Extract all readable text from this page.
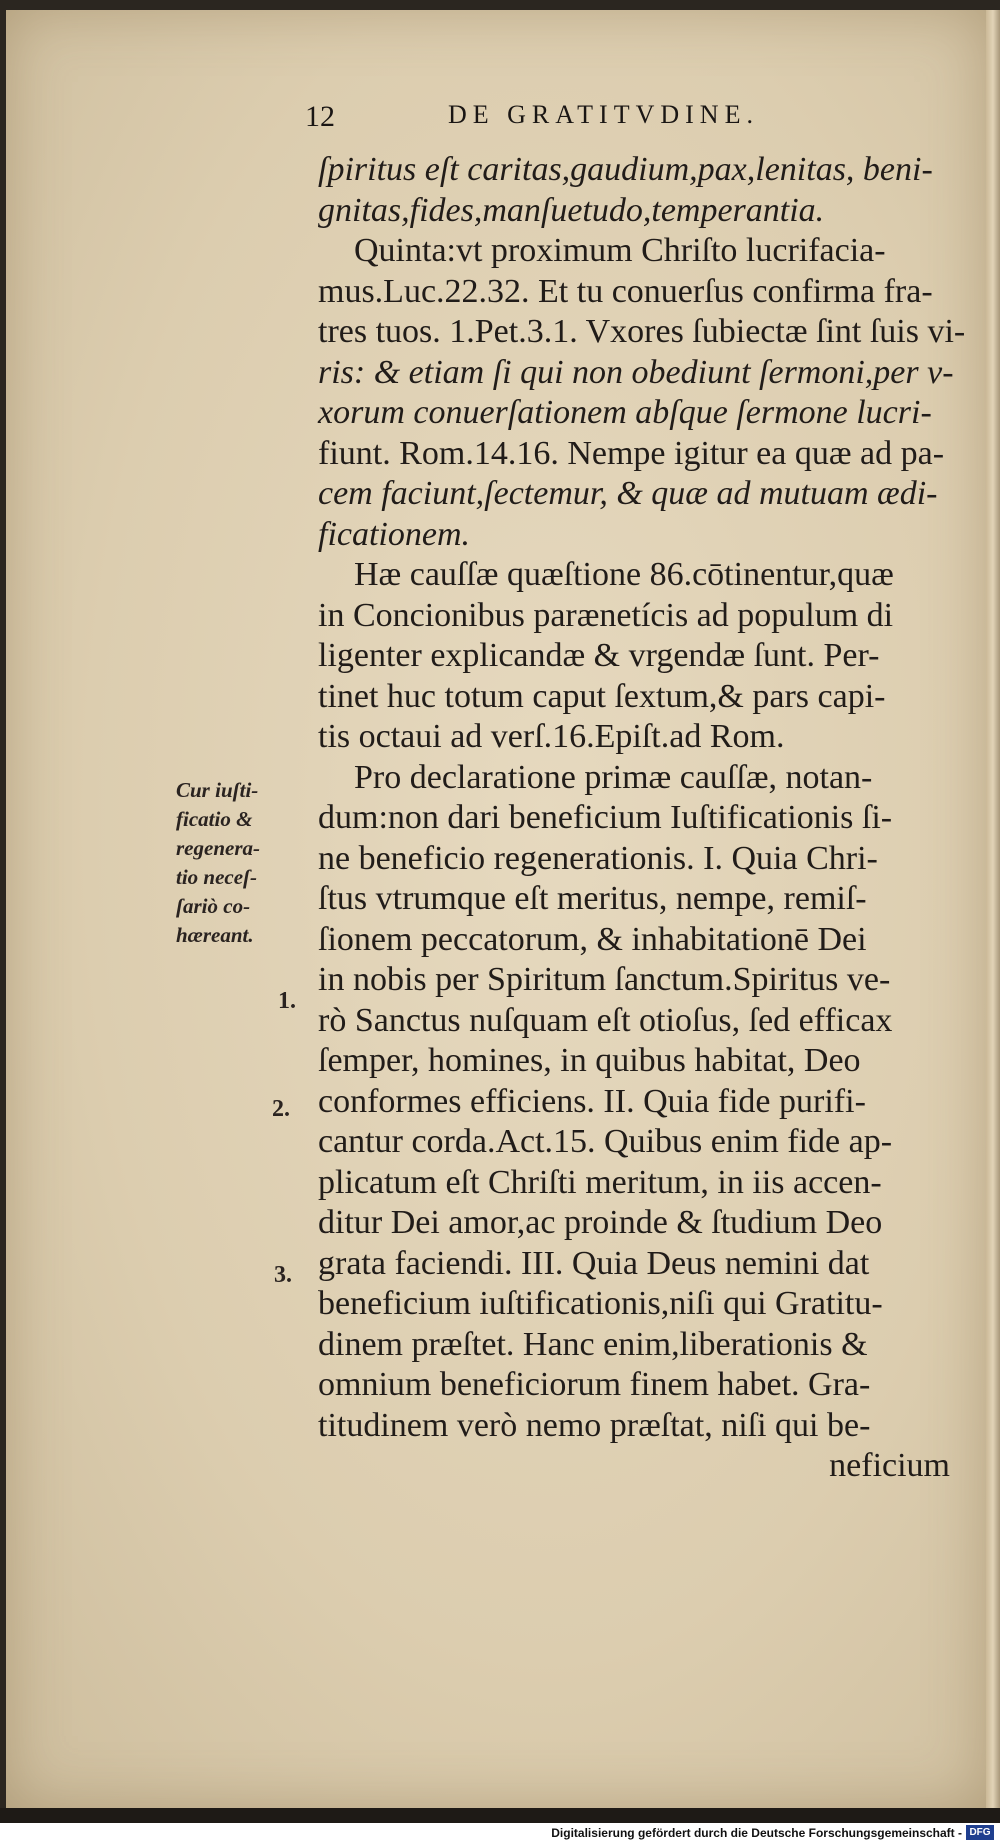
12	DE GRATITVDINE.
ſpiritus eſt caritas,gaudium,pax,lenitas, beni-
gnitas,fides,manſuetudo,temperantia.
Quinta:vt proximum Chriſto lucrifacia-
mus.Luc.22.32. Et tu conuerſus confirma fra-
tres tuos. 1.Pet.3.1. Vxores ſubiectæ ſint ſuis vi-
ris: & etiam ſi qui non obediunt ſermoni,per v-
xorum conuerſationem abſque ſermone lucri-
fiunt. Rom.14.16. Nempe igitur ea quæ ad pa-
cem faciunt,ſectemur, & quæ ad mutuam ædi-
ficationem.
Hæ cauſſæ quæſtione 86.cōtinentur,quæ
in Concionibus parænetícis ad populum di
ligenter explicandæ & vrgendæ ſunt. Per-
tinet huc totum caput ſextum,& pars capi-
tis octaui ad verſ.16.Epiſt.ad Rom.
Pro declaratione primæ cauſſæ, notan-
dum:non dari beneficium Iuſtificationis ſi-
ne beneficio regenerationis. I. Quia Chri-
ſtus vtrumque eſt meritus, nempe, remiſ-
ſionem peccatorum, & inhabitationē Dei
in nobis per Spiritum ſanctum.Spiritus ve-
rò Sanctus nuſquam eſt otioſus, ſed efficax
ſemper, homines, in quibus habitat, Deo
conformes efficiens. II. Quia fide purifi-
cantur corda.Act.15. Quibus enim fide ap-
plicatum eſt Chriſti meritum, in iis accen-
ditur Dei amor,ac proinde & ſtudium Deo
grata faciendi. III. Quia Deus nemini dat
beneficium iuſtificationis,niſi qui Gratitu-
dinem præſtet. Hanc enim,liberationis &
omnium beneficiorum finem habet. Gra-
titudinem verò nemo præſtat, niſi qui be-
neficium
Cur iuſti-
ficatio &
regenera-
tio neceſ-
ſariò co-
hæreant.
1.
2.
3.
Digitalisierung gefördert durch die Deutsche Forschungsgemeinschaft - DFG
